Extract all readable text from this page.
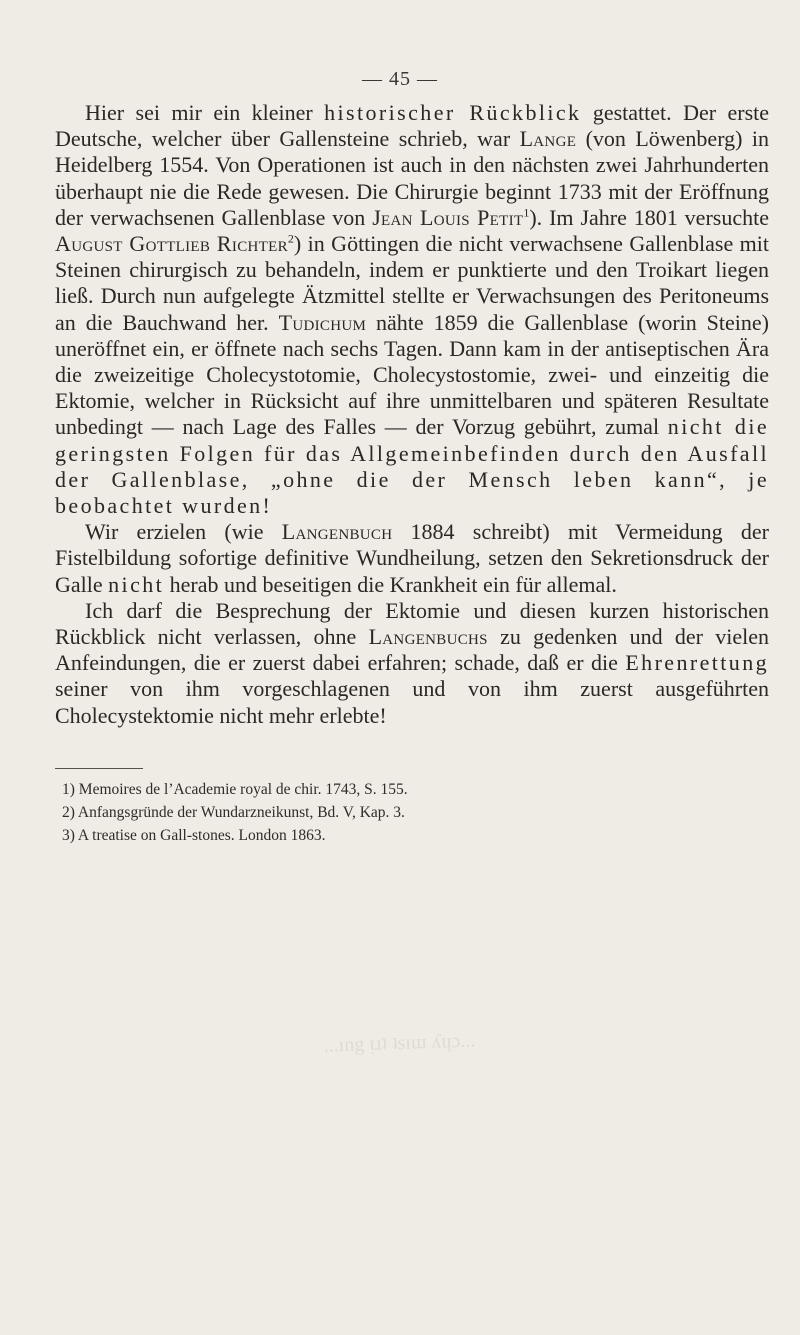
— 45 —

Hier sei mir ein kleiner historischer Rückblick gestattet. Der erste Deutsche, welcher über Gallensteine schrieb, war Lange (von Löwenberg) in Heidelberg 1554. Von Operationen ist auch in den nächsten zwei Jahrhunderten überhaupt nie die Rede gewesen. Die Chirurgie beginnt 1733 mit der Eröffnung der verwachsenen Gallenblase von Jean Louis Petit$^1$). Im Jahre 1801 versuchte August Gottlieb Richter$^2$) in Göttingen die nicht verwachsene Gallenblase mit Steinen chirurgisch zu behandeln, indem er punktierte und den Troikart liegen ließ. Durch nun aufgelegte Ätzmittel stellte er Verwachsungen des Peritoneums an die Bauchwand her. Tudichum nähte 1859 die Gallenblase (worin Steine) uneröffnet ein, er öffnete nach sechs Tagen. Dann kam in der antiseptischen Ära die zweizeitige Cholecystotomie, Cholecystostomie, zwei- und einzeitig die Ektomie, welcher in Rücksicht auf ihre unmittelbaren und späteren Resultate unbedingt — nach Lage des Falles — der Vorzug gebührt, zumal nicht die geringsten Folgen für das Allgemeinbefinden durch den Ausfall der Gallenblase, „ohne die der Mensch leben kann“, je beobachtet wurden!

Wir erzielen (wie Langenbuch 1884 schreibt) mit Vermeidung der Fistelbildung sofortige definitive Wundheilung, setzen den Sekretionsdruck der Galle nicht herab und beseitigen die Krankheit ein für allemal.

Ich darf die Besprechung der Ektomie und diesen kurzen historischen Rückblick nicht verlassen, ohne Langenbuchs zu gedenken und der vielen Anfeindungen, die er zuerst dabei erfahren; schade, daß er die Ehrenrettung seiner von ihm vorgeschlagenen und von ihm zuerst ausgeführten Cholecystektomie nicht mehr erlebte!

1) Memoires de l’Academie royal de chir. 1743, S. 155.
2) Anfangsgründe der Wundarzneikunst, Bd. V, Kap. 3.
3) A treatise on Gall-stones. London 1863.
...ıng ᴉɹʇ ʇsıɯ ʎɥɔ...
